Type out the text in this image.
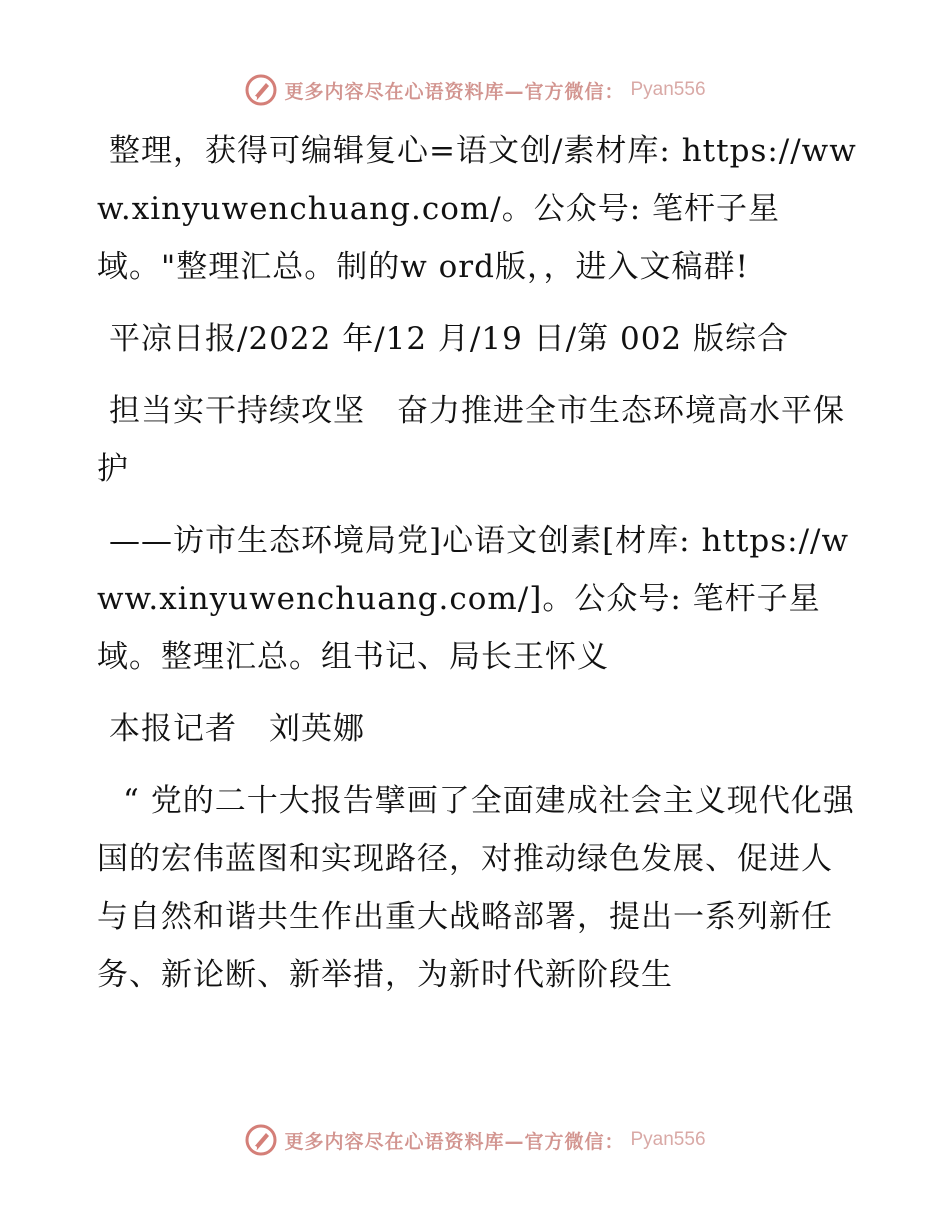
更多内容尽在心语资料库—官方微信： Pyan556

整理，获得可编辑复心=语文创/素材库: https://www.xinyuwenchuang.com/。公众号: 笔杆子星域。"整理汇总。制的w ord版，，进入文稿群!

平凉日报/2022 年/12 月/19 日/第 002 版综合

担当实干持续攻坚　奋力推进全市生态环境高水平保护

——访市生态环境局党]心语文创素[材库: https://www.xinyuwenchuang.com/]。公众号: 笔杆子星域。整理汇总。组书记、局长王怀义

本报记者　刘英娜

“ 党的二十大报告擘画了全面建成社会主义现代化强国的宏伟蓝图和实现路径，对推动绿色发展、促进人与自然和谐共生作出重大战略部署，提出一系列新任务、新论断、新举措，为新时代新阶段生

更多内容尽在心语资料库—官方微信： Pyan556
